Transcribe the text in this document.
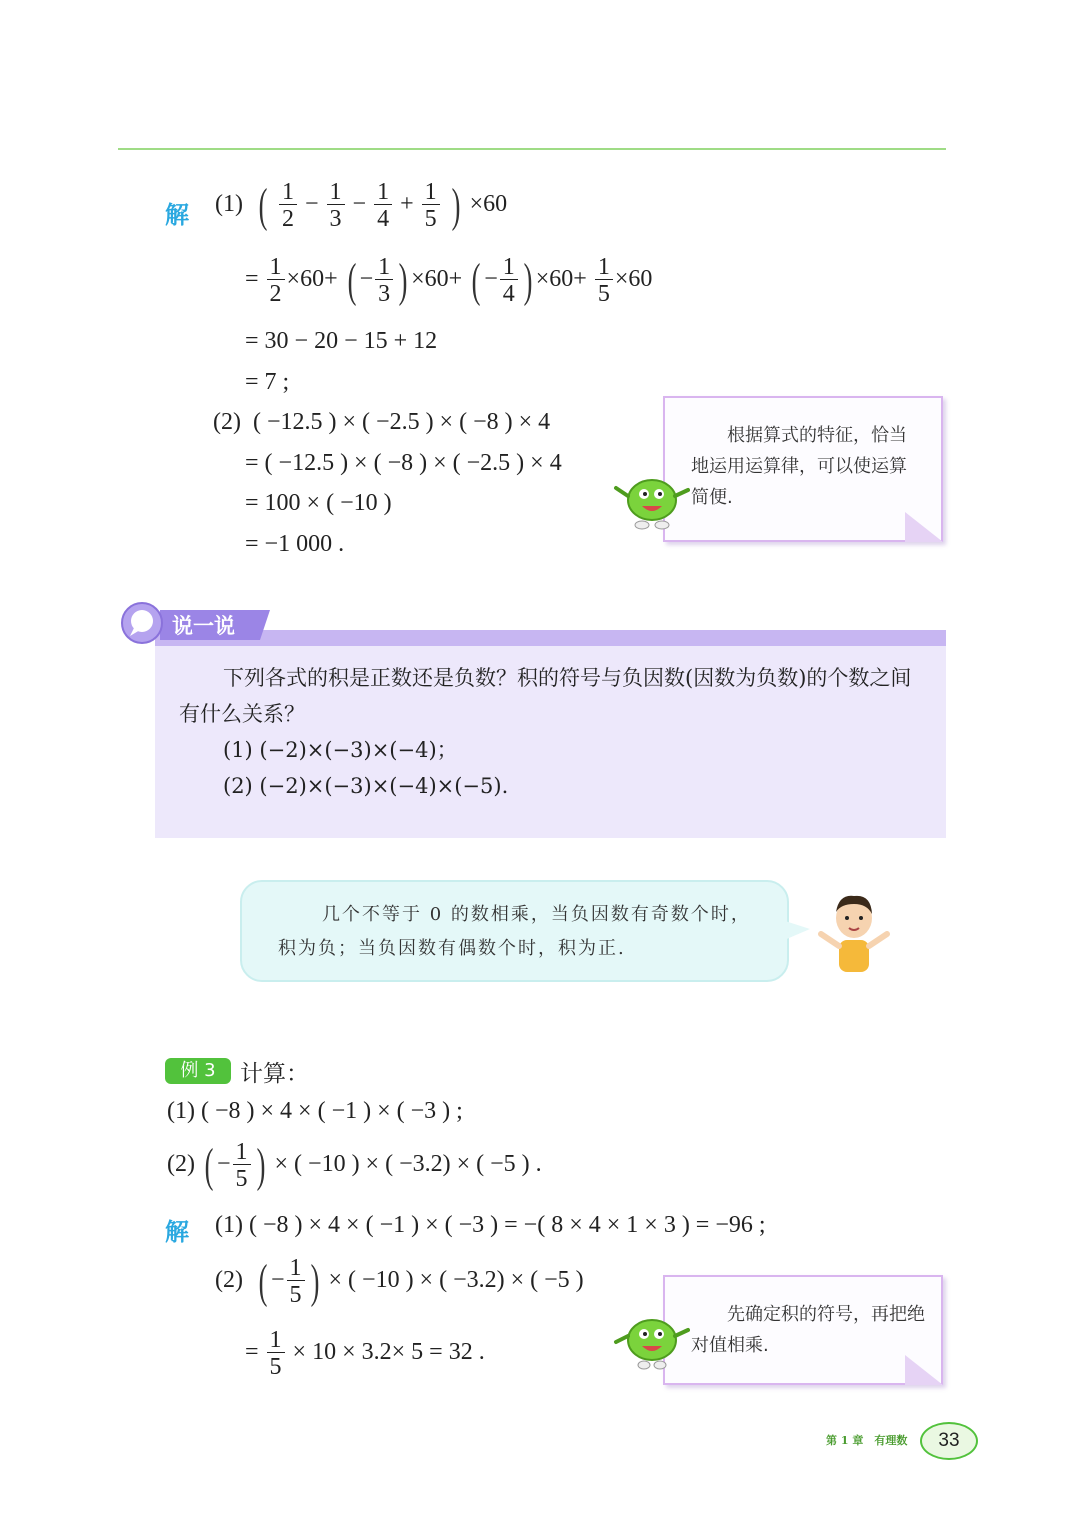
解 (1) ( $\frac{1}{2} - \frac{1}{3} - \frac{1}{4} + \frac{1}{5}$ ) ×60
= $\frac{1}{2} \times 60+$ ( − $\frac{1}{3}$ ) ×60+ ( − $\frac{1}{4}$ ) $\times 60+ \frac{1}{5} \times 60$
= 30 − 20 − 15 + 12
= 7 ;
(2) ( −12.5 ) × ( −2.5 ) × ( −8 ) × 4
= ( −12.5 ) × ( −8 ) × ( −2.5 ) × 4
= 100 × ( −10 )
= −1 000 .
　　根据算式的特征，恰当地运用运算律，可以使运算简便.
说一说
下列各式的积是正数还是负数？积的符号与负因数(因数为负数)的个数之间有什么关系？
(1) (−2)×(−3)×(−4)；
(2) (−2)×(−3)×(−4)×(−5).
几个不等于 0 的数相乘，当负因数有奇数个时，积为负；当负因数有偶数个时，积为正.
例 3	计算：
(1) ( −8 ) × 4 × ( −1 ) × ( −3 ) ;
(2) ( − $\frac{1}{5}$ ) × ( −10 ) × ( −3.2) × ( −5 ) .
解 (1) ( −8 ) × 4 × ( −1 ) × ( −3 ) = −( 8 × 4 × 1 × 3 ) = −96 ;
(2) ( − $\frac{1}{5}$ ) × ( −10 ) × ( −3.2) × ( −5 )
= $\frac{1}{5} \times 10 \times 3.2\times 5 = 32$ .
　　先确定积的符号，再把绝对值相乘.
第 1 章　有理数	33
